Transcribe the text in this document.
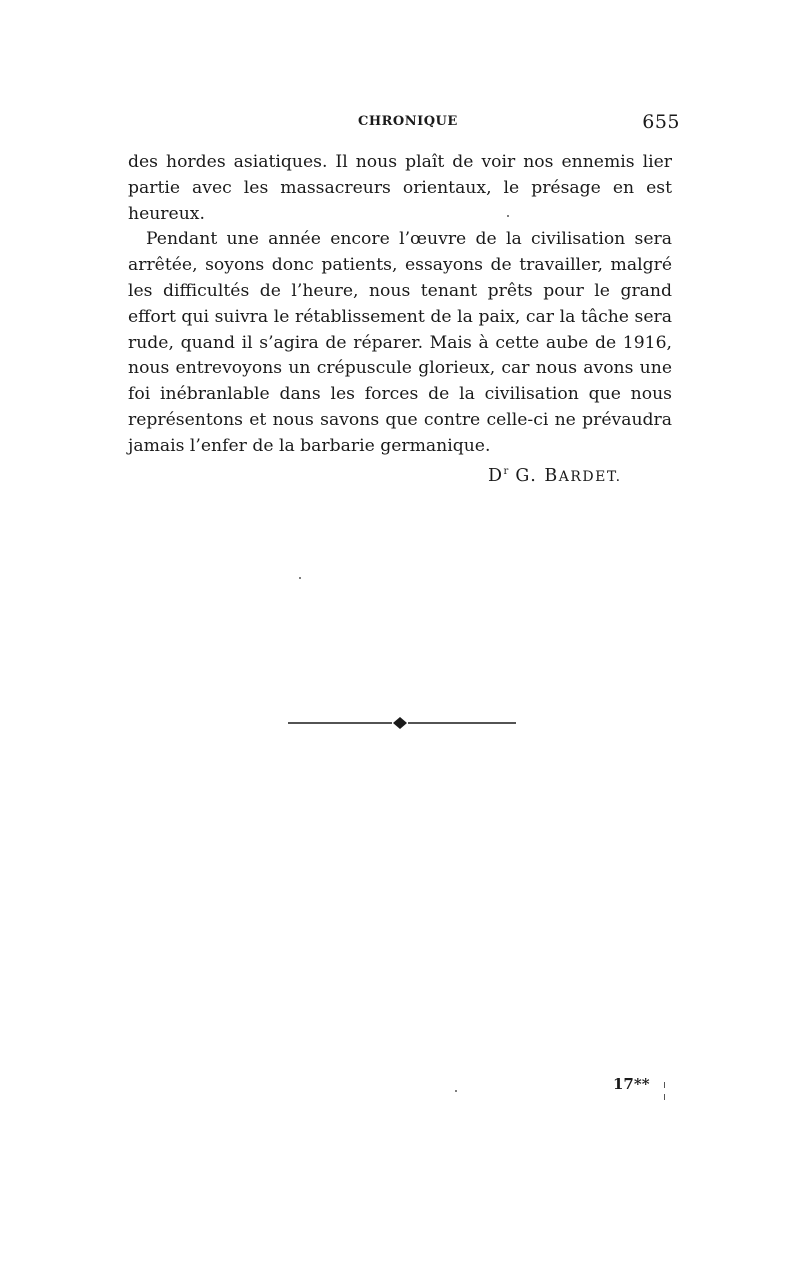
CHRONIQUE	655

des hordes asiatiques. Il nous plaît de voir nos ennemis lier partie avec les massacreurs orientaux, le présage en est heureux.

Pendant une année encore l’œuvre de la civilisation sera arrêtée, soyons donc patients, essayons de travailler, malgré les difficultés de l’heure, nous tenant prêts pour le grand effort qui suivra le rétablissement de la paix, car la tâche sera rude, quand il s’agira de réparer. Mais à cette aube de 1916, nous entrevoyons un crépuscule glorieux, car nous avons une foi inébranlable dans les forces de la civilisation que nous représentons et nous savons que contre celle-ci ne prévaudra jamais l’enfer de la barbarie germanique.

$D^r$ G. BARDET.
17**
